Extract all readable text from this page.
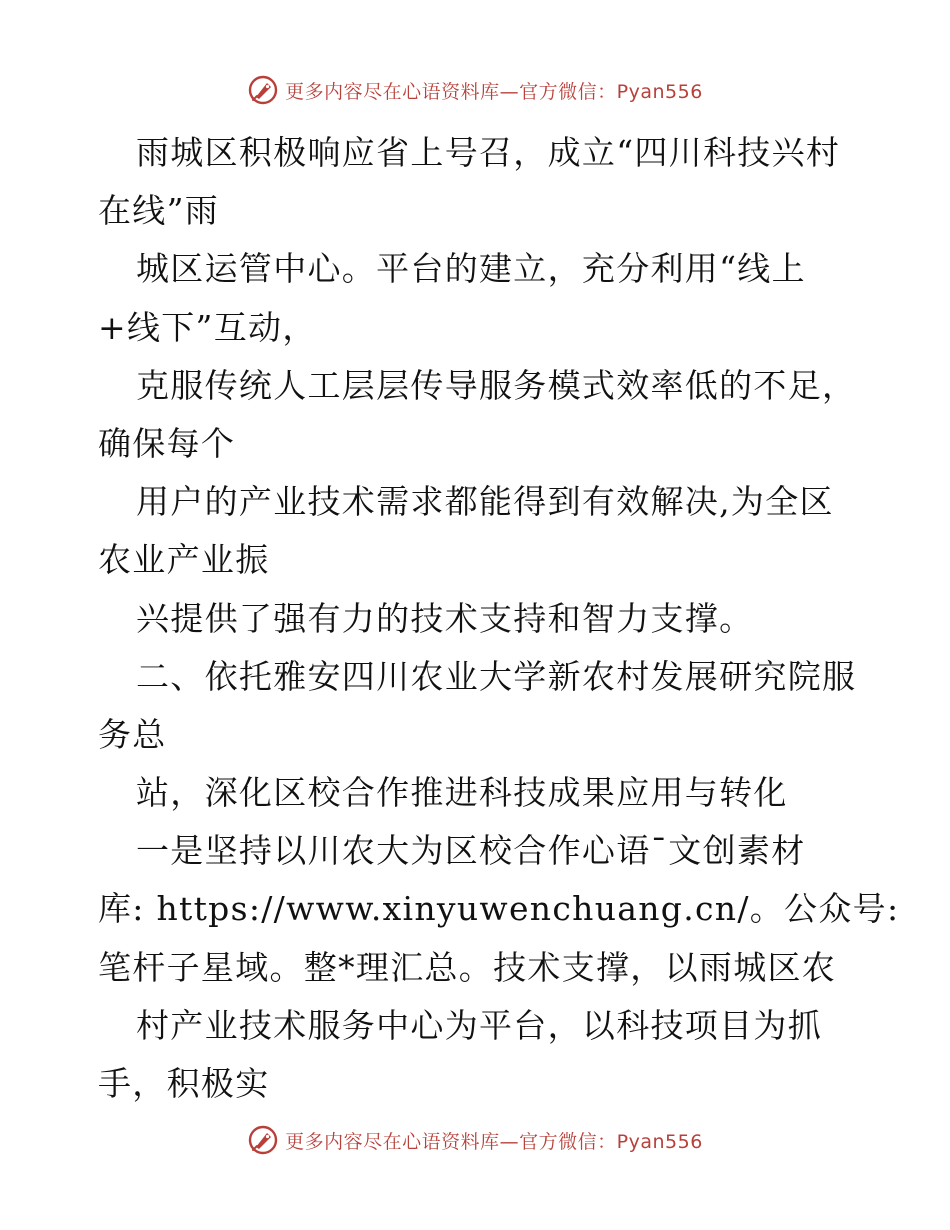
更多内容尽在心语资料库—官方微信：Pyan556
雨城区积极响应省上号召，成立“四川科技兴村
在线”雨
城区运管中心。平台的建立，充分利用“线上
+线下”互动，
克服传统人工层层传导服务模式效率低的不足，
确保每个
用户的产业技术需求都能得到有效解决,为全区
农业产业振
兴提供了强有力的技术支持和智力支撑。
二、依托雅安四川农业大学新农村发展研究院服
务总
站，深化区校合作推进科技成果应用与转化
一是坚持以川农大为区校合作心语¯文创素材
库: https://www.xinyuwenchuang.cn/。公众号:
笔杆子星域。整*理汇总。技术支撑，以雨城区农
村产业技术服务中心为平台，以科技项目为抓
手，积极实
更多内容尽在心语资料库—官方微信：Pyan556
